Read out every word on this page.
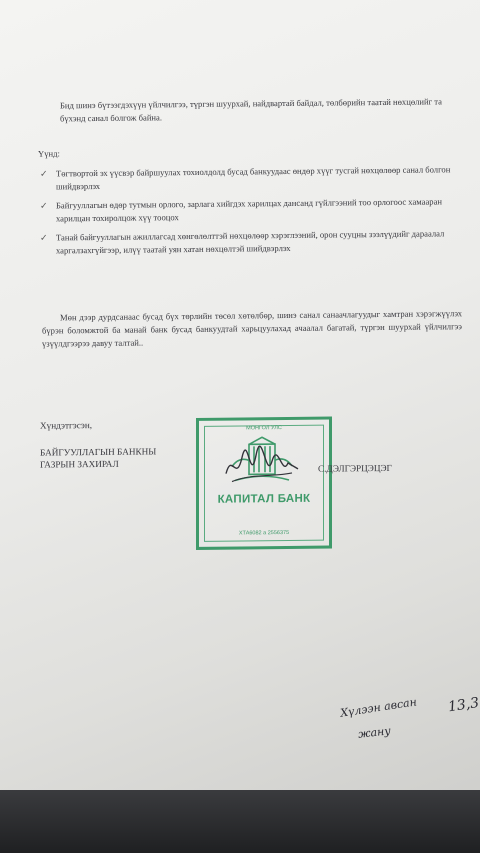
Бид шинэ бүтээгдэхүүн үйлчилгээ, түргэн шуурхай, найдвартай байдал, төлбөрийн таатай нөхцөлийг та бүхэнд санал болгож байна.
Үүнд:
✓ Төгтвортой эх үүсвэр байршуулах тохиолдолд бусад банкуудаас өндөр хүүг тусгай нөхцөлөөр санал болгон шийдвэрлэх
✓ Байгууллагын өдөр тутмын орлого, зарлага хийгдэх харилцах дансанд гүйлгээний тоо орлогоос хамааран харилцан тохиролцож хүү тооцох
✓ Танай байгууллагын ажиллагсад хөнгөлөлттэй нөхцөлөөр хэрэглээний, орон сууцны зээлүүдийг дараалал харгалзахгүйгээр, илүү таатай уян хатан нөхцөлтэй шийдвэрлэх
Мөн дээр дурдсанаас бусад бүх төрлийн төсөл хөтөлбөр, шинэ санал санаачлагуудыг хамтран хэрэгжүүлэх бүрэн боломжтой ба манай банк бусад банкуудтай харьцуулахад ачаалал багатай, түргэн шуурхай үйлчилгээ үзүүлдгээрээ давуу талтай..
Хүндэтгэсэн,
БАЙГУУЛЛАГЫН БАНКНЫ
ГАЗРЫН ЗАХИРАЛ
МОНГОЛ УЛС
КАПИТАЛ БАНК
ХТА6082 а 2556375
С.ДЭЛГЭРЦЭЦЭГ
Хүлээн авсан
жану
13,3
